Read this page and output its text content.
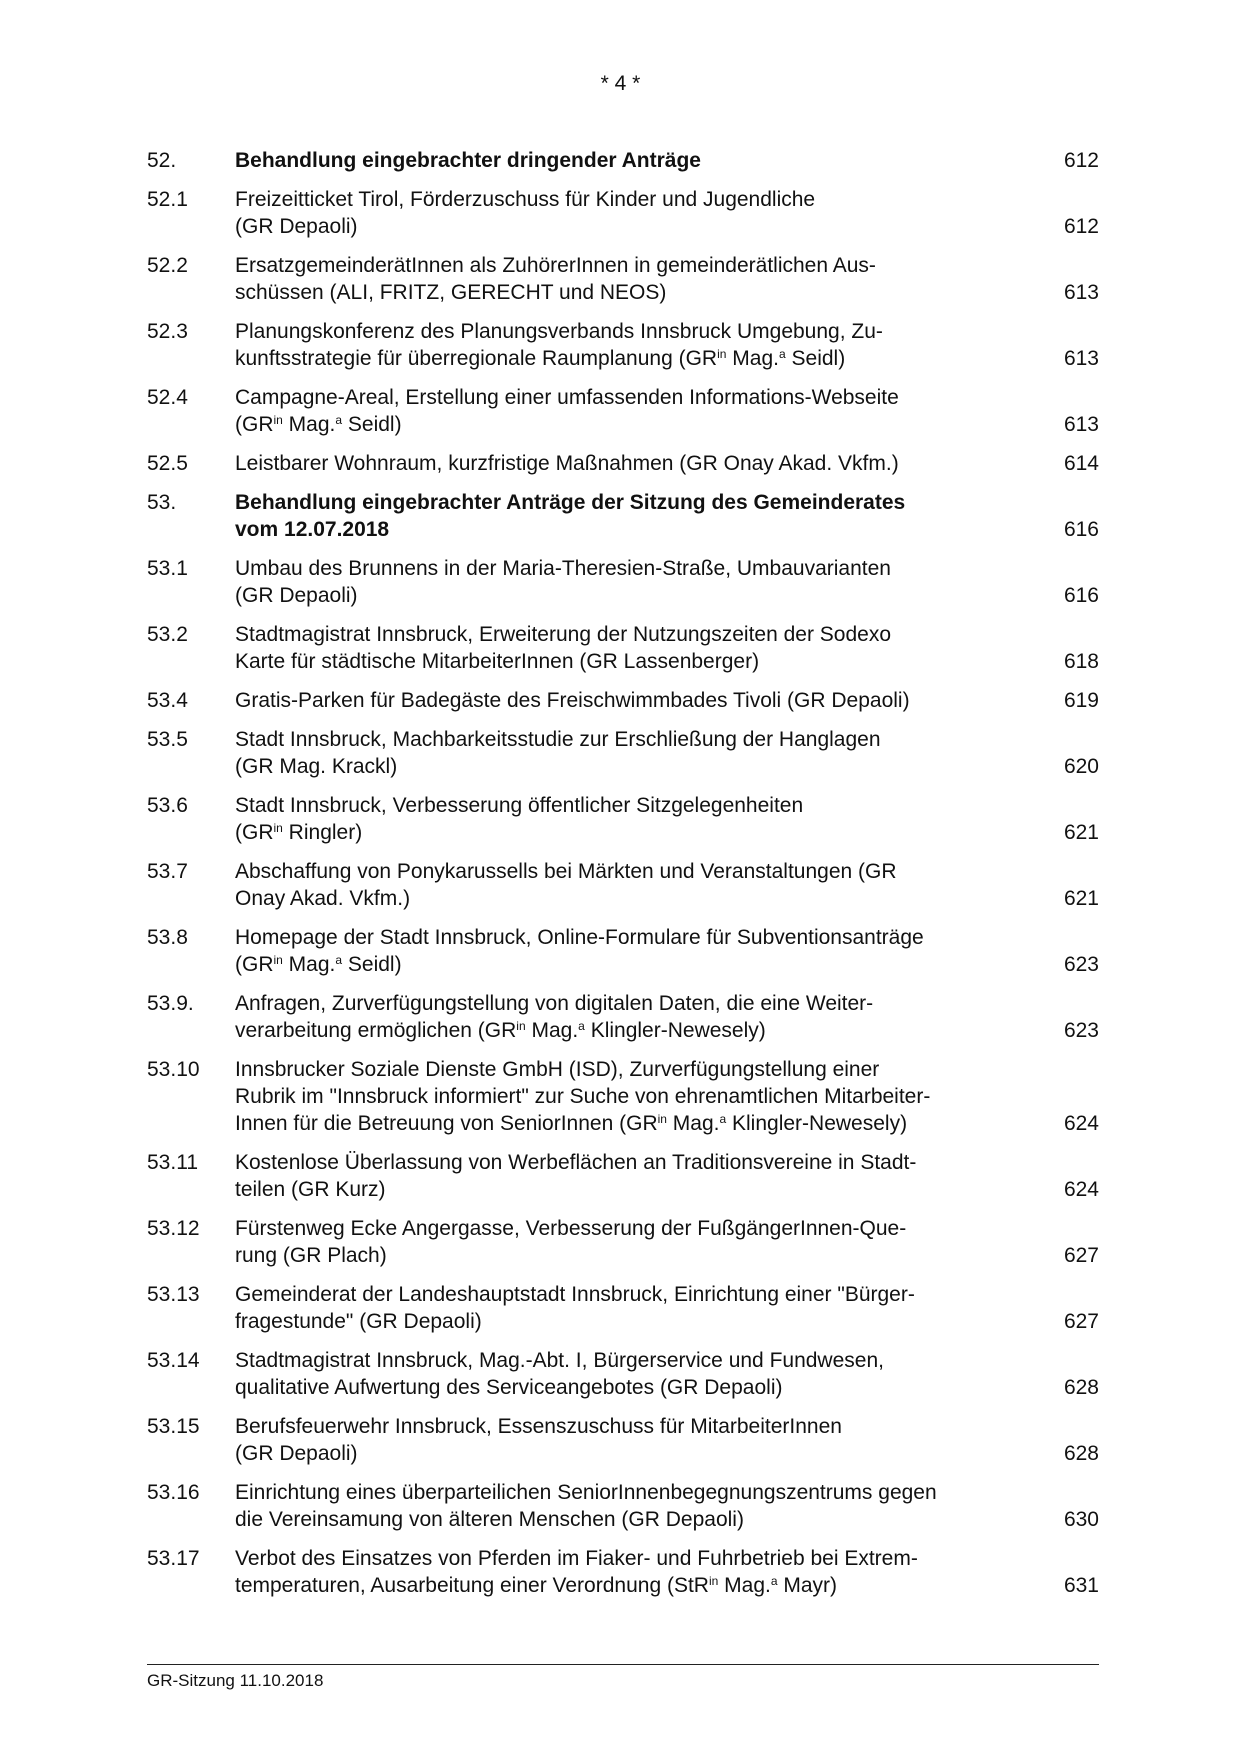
* 4 *
52.	Behandlung eingebrachter dringender Anträge	612
52.1	Freizeitticket Tirol, Förderzuschuss für Kinder und Jugendliche
(GR Depaoli)	612
52.2	ErsatzgemeinderätInnen als ZuhörerInnen in gemeinderätlichen Aus-
schüssen (ALI, FRITZ, GERECHT und NEOS)	613
52.3	Planungskonferenz des Planungsverbands Innsbruck Umgebung, Zu-
kunftsstrategie für überregionale Raumplanung ($GR^{in}$ Mag.$^a$ Seidl)	613
52.4	Campagne-Areal, Erstellung einer umfassenden Informations-Webseite
($GR^{in}$ Mag.$^a$ Seidl)	613
52.5	Leistbarer Wohnraum, kurzfristige Maßnahmen (GR Onay Akad. Vkfm.)	614
53.	Behandlung eingebrachter Anträge der Sitzung des Gemeinderates
vom 12.07.2018	616
53.1	Umbau des Brunnens in der Maria-Theresien-Straße, Umbauvarianten
(GR Depaoli)	616
53.2	Stadtmagistrat Innsbruck, Erweiterung der Nutzungszeiten der Sodexo
Karte für städtische MitarbeiterInnen (GR Lassenberger)	618
53.4	Gratis-Parken für Badegäste des Freischwimmbades Tivoli (GR Depaoli)	619
53.5	Stadt Innsbruck, Machbarkeitsstudie zur Erschließung der Hanglagen
(GR Mag. Krackl)	620
53.6	Stadt Innsbruck, Verbesserung öffentlicher Sitzgelegenheiten
($GR^{in}$ Ringler)	621
53.7	Abschaffung von Ponykarussells bei Märkten und Veranstaltungen (GR
Onay Akad. Vkfm.)	621
53.8	Homepage der Stadt Innsbruck, Online-Formulare für Subventionsanträge
($GR^{in}$ Mag.$^a$ Seidl)	623
53.9.	Anfragen, Zurverfügungstellung von digitalen Daten, die eine Weiter-
verarbeitung ermöglichen ($GR^{in}$ Mag.$^a$ Klingler-Newesely)	623
53.10	Innsbrucker Soziale Dienste GmbH (ISD), Zurverfügungstellung einer
Rubrik im "Innsbruck informiert" zur Suche von ehrenamtlichen Mitarbeiter-
Innen für die Betreuung von SeniorInnen ($GR^{in}$ Mag.$^a$ Klingler-Newesely)	624
53.11	Kostenlose Überlassung von Werbeflächen an Traditionsvereine in Stadt-
teilen (GR Kurz)	624
53.12	Fürstenweg Ecke Angergasse, Verbesserung der FußgängerInnen-Que-
rung (GR Plach)	627
53.13	Gemeinderat der Landeshauptstadt Innsbruck, Einrichtung einer "Bürger-
fragestunde" (GR Depaoli)	627
53.14	Stadtmagistrat Innsbruck, Mag.-Abt. I, Bürgerservice und Fundwesen,
qualitative Aufwertung des Serviceangebotes (GR Depaoli)	628
53.15	Berufsfeuerwehr Innsbruck, Essenszuschuss für MitarbeiterInnen
(GR Depaoli)	628
53.16	Einrichtung eines überparteilichen SeniorInnenbegegnungszentrums gegen
die Vereinsamung von älteren Menschen (GR Depaoli)	630
53.17	Verbot des Einsatzes von Pferden im Fiaker- und Fuhrbetrieb bei Extrem-
temperaturen, Ausarbeitung einer Verordnung (StR$^{in}$ Mag.$^a$ Mayr)	631
GR-Sitzung 11.10.2018
